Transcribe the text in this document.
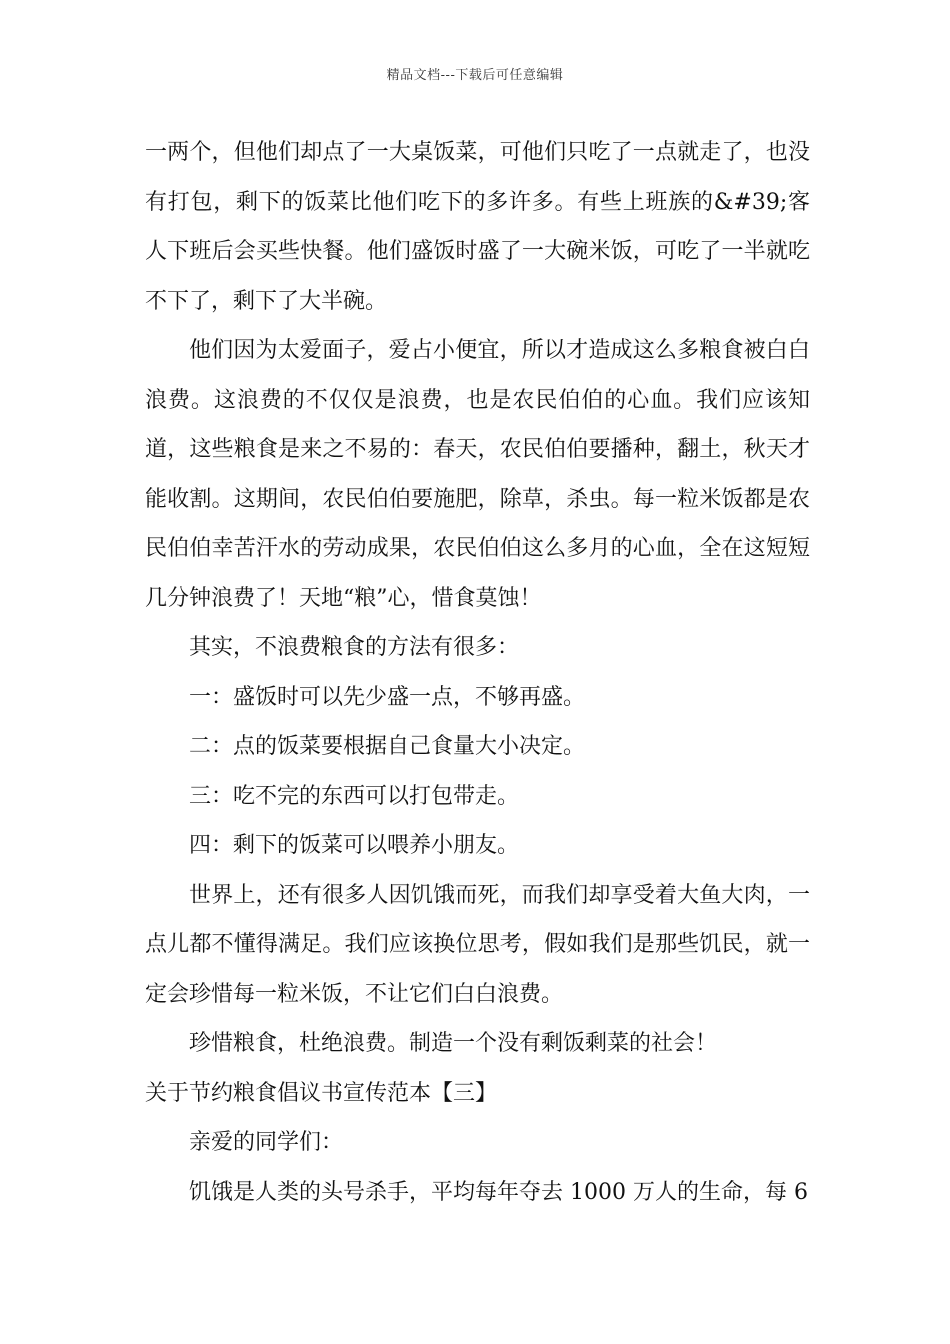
精品文档---下载后可任意编辑

一两个，但他们却点了一大桌饭菜，可他们只吃了一点就走了，也没有打包，剩下的饭菜比他们吃下的多许多。有些上班族的&#39;客人下班后会买些快餐。他们盛饭时盛了一大碗米饭，可吃了一半就吃不下了，剩下了大半碗。

他们因为太爱面子，爱占小便宜，所以才造成这么多粮食被白白浪费。这浪费的不仅仅是浪费，也是农民伯伯的心血。我们应该知道，这些粮食是来之不易的：春天，农民伯伯要播种，翻土，秋天才能收割。这期间，农民伯伯要施肥，除草，杀虫。每一粒米饭都是农民伯伯幸苦汗水的劳动成果，农民伯伯这么多月的心血，全在这短短几分钟浪费了！天地“粮”心，惜食莫蚀！

其实，不浪费粮食的方法有很多：

一：盛饭时可以先少盛一点，不够再盛。

二：点的饭菜要根据自己食量大小决定。

三：吃不完的东西可以打包带走。

四：剩下的饭菜可以喂养小朋友。

世界上，还有很多人因饥饿而死，而我们却享受着大鱼大肉，一点儿都不懂得满足。我们应该换位思考，假如我们是那些饥民，就一定会珍惜每一粒米饭，不让它们白白浪费。

珍惜粮食，杜绝浪费。制造一个没有剩饭剩菜的社会！

关于节约粮食倡议书宣传范本【三】

亲爱的同学们：

饥饿是人类的头号杀手，平均每年夺去 1000 万人的生命，每 6
